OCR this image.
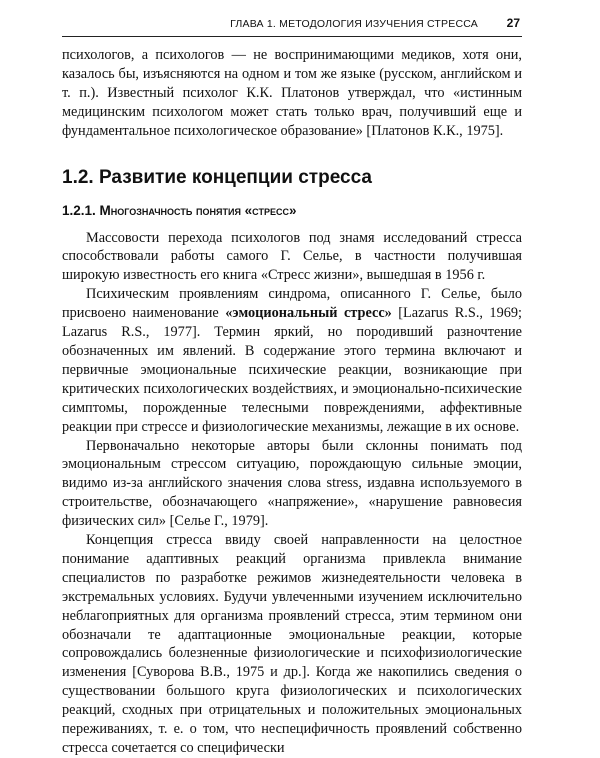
ГЛАВА 1. МЕТОДОЛОГИЯ ИЗУЧЕНИЯ СТРЕССА 27

психологов, а психологов — не воспринимающими медиков, хотя они, казалось бы, изъясняются на одном и том же языке (русском, английском и т. п.). Известный психолог К.К. Платонов утверждал, что «истинным медицинским психологом может стать только врач, получивший еще и фундаментальное психологическое образование» [Платонов К.К., 1975].

1.2. Развитие концепции стресса
1.2.1. Многозначность понятия «стресс»

Массовости перехода психологов под знамя исследований стресса способствовали работы самого Г. Селье, в частности получившая широкую известность его книга «Стресс жизни», вышедшая в 1956 г.

Психическим проявлениям синдрома, описанного Г. Селье, было присвоено наименование «эмоциональный стресс» [Lazarus R.S., 1969; Lazarus R.S., 1977]. Термин яркий, но породивший разночтение обозначенных им явлений. В содержание этого термина включают и первичные эмоциональные психические реакции, возникающие при критических психологических воздействиях, и эмоционально-психические симптомы, порожденные телесными повреждениями, аффективные реакции при стрессе и физиологические механизмы, лежащие в их основе.

Первоначально некоторые авторы были склонны понимать под эмоциональным стрессом ситуацию, порождающую сильные эмоции, видимо из-за английского значения слова stress, издавна используемого в строительстве, обозначающего «напряжение», «нарушение равновесия физических сил» [Селье Г., 1979].

Концепция стресса ввиду своей направленности на целостное понимание адаптивных реакций организма привлекла внимание специалистов по разработке режимов жизнедеятельности человека в экстремальных условиях. Будучи увлеченными изучением исключительно неблагоприятных для организма проявлений стресса, этим термином они обозначали те адаптационные эмоциональные реакции, которые сопровождались болезненные физиологические и психофизиологические изменения [Суворова В.В., 1975 и др.]. Когда же накопились сведения о существовании большого круга физиологических и психологических реакций, сходных при отрицательных и положительных эмоциональных переживаниях, т. е. о том, что неспецифичность проявлений собственно стресса сочетается со специфически
